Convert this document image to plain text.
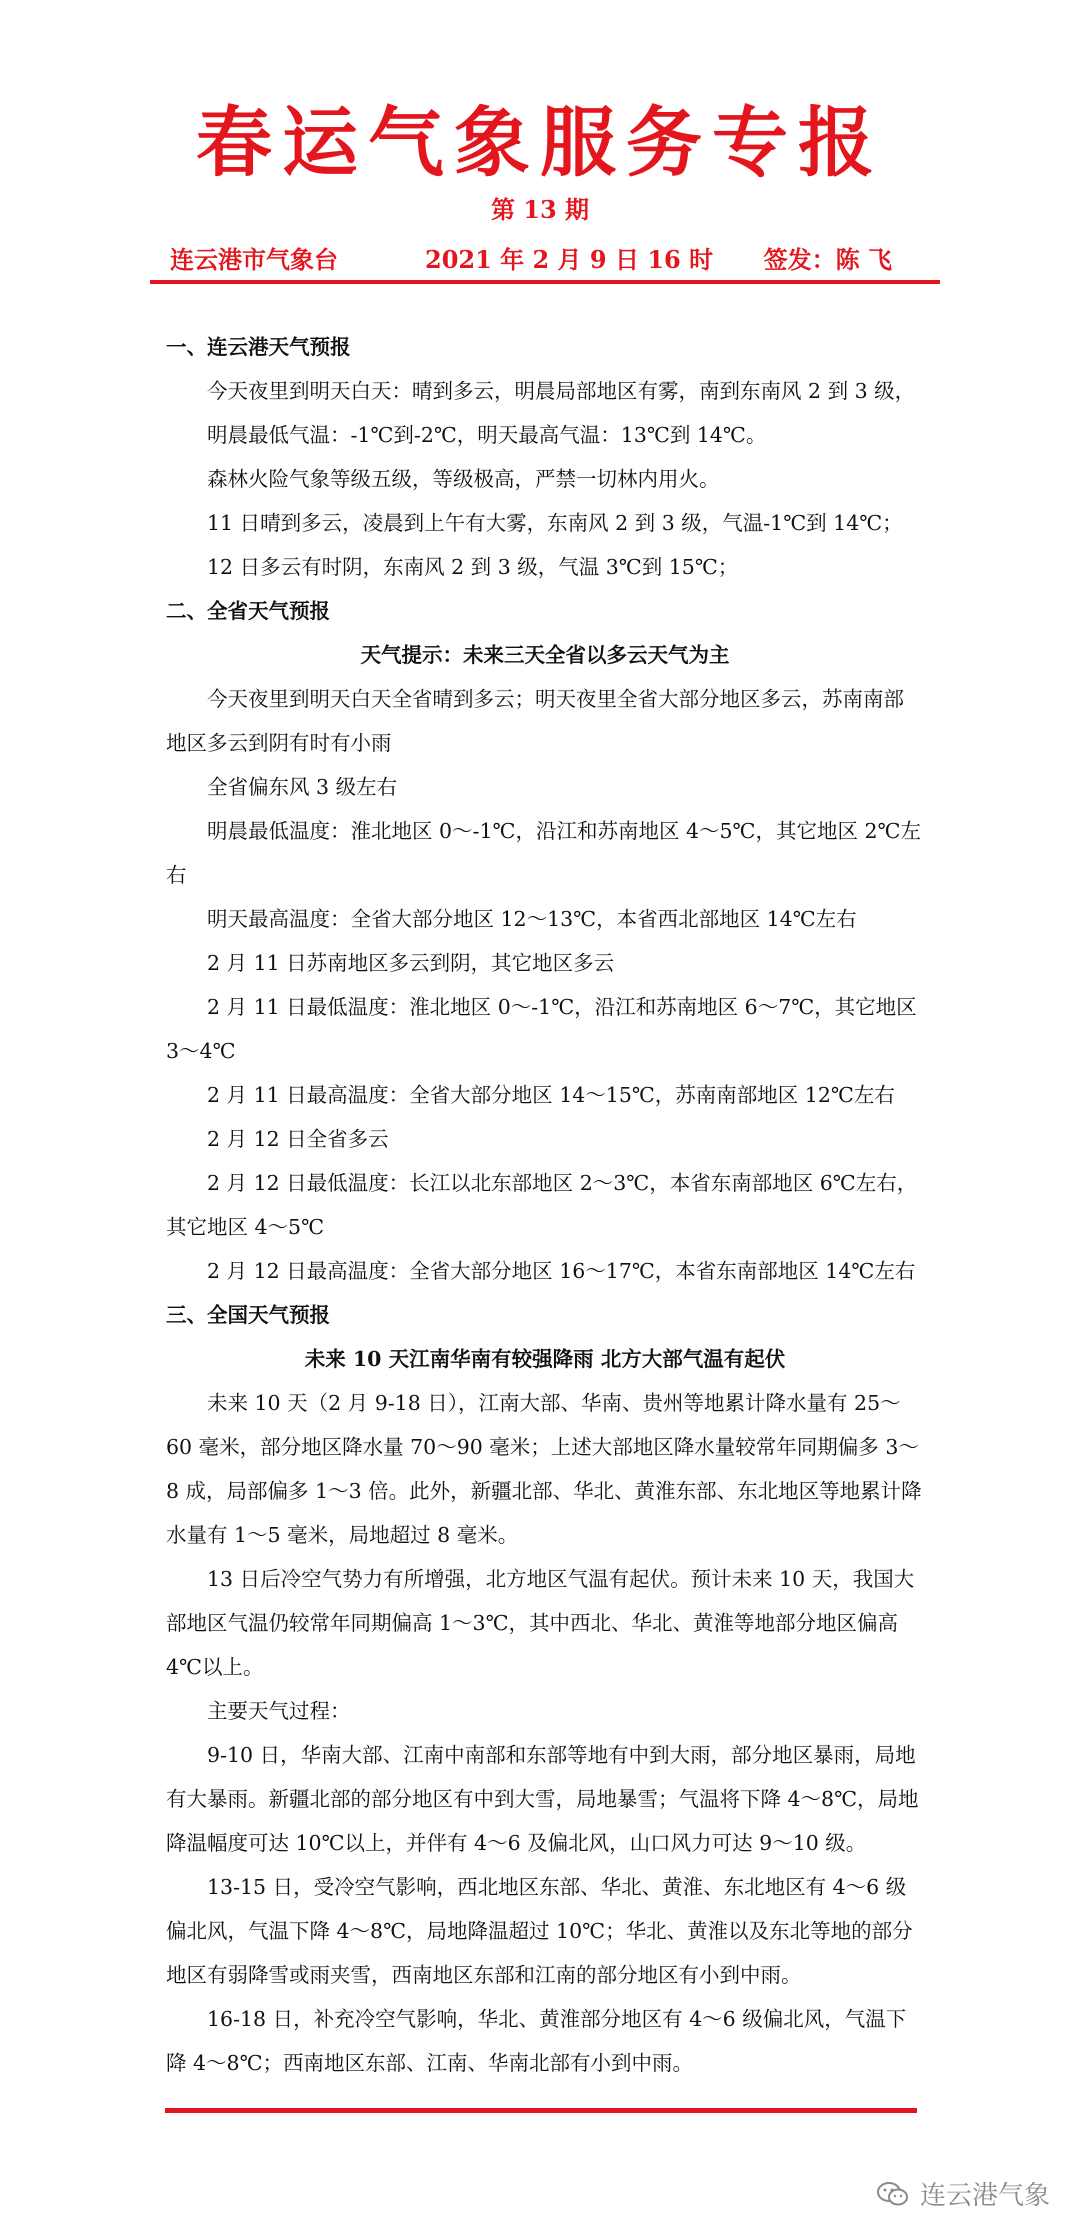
春运气象服务专报
第 13 期
连云港市气象台	2021 年 2 月 9 日 16 时 签发：陈 飞

一、连云港天气预报

今天夜里到明天白天：晴到多云，明晨局部地区有雾，南到东南风 2 到 3 级，

明晨最低气温：-1℃到-2℃，明天最高气温：13℃到 14℃。

森林火险气象等级五级，等级极高，严禁一切林内用火。

11 日晴到多云，凌晨到上午有大雾，东南风 2 到 3 级，气温-1℃到 14℃；

12 日多云有时阴，东南风 2 到 3 级，气温 3℃到 15℃；

二、全省天气预报

天气提示：未来三天全省以多云天气为主

今天夜里到明天白天全省晴到多云；明天夜里全省大部分地区多云，苏南南部地区多云到阴有时有小雨

全省偏东风 3 级左右

明晨最低温度：淮北地区 0～-1℃，沿江和苏南地区 4～5℃，其它地区 2℃左右

明天最高温度：全省大部分地区 12～13℃，本省西北部地区 14℃左右

2 月 11 日苏南地区多云到阴，其它地区多云

2 月 11 日最低温度：淮北地区 0～-1℃，沿江和苏南地区 6～7℃，其它地区 3～4℃

2 月 11 日最高温度：全省大部分地区 14～15℃，苏南南部地区 12℃左右

2 月 12 日全省多云

2 月 12 日最低温度：长江以北东部地区 2～3℃，本省东南部地区 6℃左右，其它地区 4～5℃

2 月 12 日最高温度：全省大部分地区 16～17℃，本省东南部地区 14℃左右

三、全国天气预报

未来 10 天江南华南有较强降雨 北方大部气温有起伏

未来 10 天（2 月 9-18 日），江南大部、华南、贵州等地累计降水量有 25～60 毫米，部分地区降水量 70～90 毫米；上述大部地区降水量较常年同期偏多 3～8 成，局部偏多 1～3 倍。此外，新疆北部、华北、黄淮东部、东北地区等地累计降水量有 1～5 毫米，局地超过 8 毫米。

13 日后冷空气势力有所增强，北方地区气温有起伏。预计未来 10 天，我国大部地区气温仍较常年同期偏高 1～3℃，其中西北、华北、黄淮等地部分地区偏高 4℃以上。

主要天气过程：

9-10 日，华南大部、江南中南部和东部等地有中到大雨，部分地区暴雨，局地有大暴雨。新疆北部的部分地区有中到大雪，局地暴雪；气温将下降 4～8℃，局地降温幅度可达 10℃以上，并伴有 4～6 及偏北风，山口风力可达 9～10 级。

13-15 日，受冷空气影响，西北地区东部、华北、黄淮、东北地区有 4～6 级偏北风，气温下降 4～8℃，局地降温超过 10℃；华北、黄淮以及东北等地的部分地区有弱降雪或雨夹雪，西南地区东部和江南的部分地区有小到中雨。

16-18 日，补充冷空气影响，华北、黄淮部分地区有 4～6 级偏北风，气温下降 4～8℃；西南地区东部、江南、华南北部有小到中雨。

连云港气象
